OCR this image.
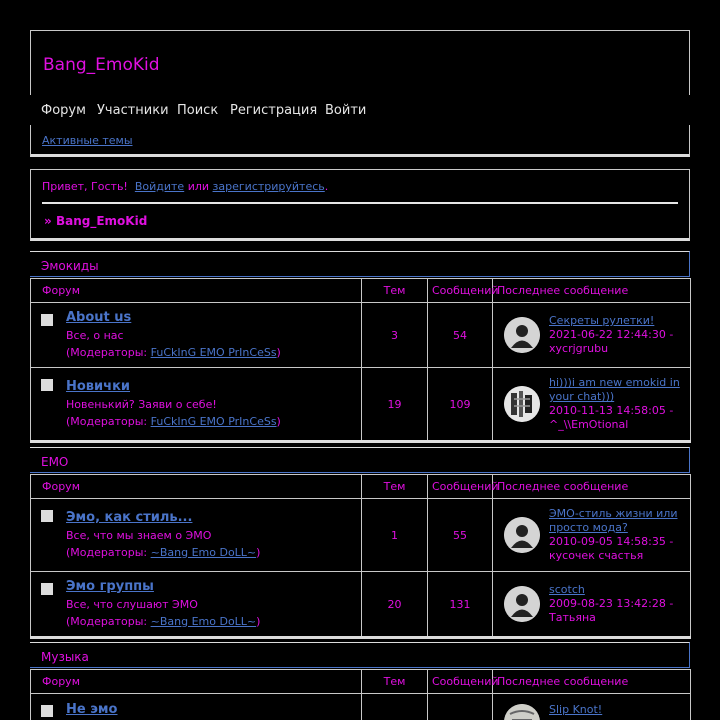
Bang_EmoKid
Форум Участники Поиск Регистрация Войти
Активные темы
Привет, Гость! Войдите или зарегистрируйтесь.
» Bang_EmoKid
Эмокиды
Форум	Тем	Сообщений	Последнее сообщение

About us
Все, о нас
(Модераторы: FuCkInG EMO PrInCeSs)	3	54	Секреты рулетки!
2021-06-22 12:44:30 - xycrjgrubu

Новички
Новенький? Заяви о себе!
(Модераторы: FuCkInG EMO PrInCeSs)	19	109	hi)))i am new emokid in your chat)))
2010-11-13 14:58:05 - ^_\\EmOtional
EMO
Форум	Тем	Сообщений	Последнее сообщение

Эмо, как стиль...
Все, что мы знаем о ЭМО
(Модераторы: ~Bang Emo DoLL~)	1	55	ЭМО-стиль жизни или просто мода?
2010-09-05 14:58:35 - кусочек счастья

Эмо группы
Все, что слушают ЭМО
(Модераторы: ~Bang Emo DoLL~)	20	131	scotch
2009-08-23 13:42:28 - Татьяна
Музыка
Форум	Тем	Сообщений	Последнее сообщение

Не эмо			Slip Knot!
